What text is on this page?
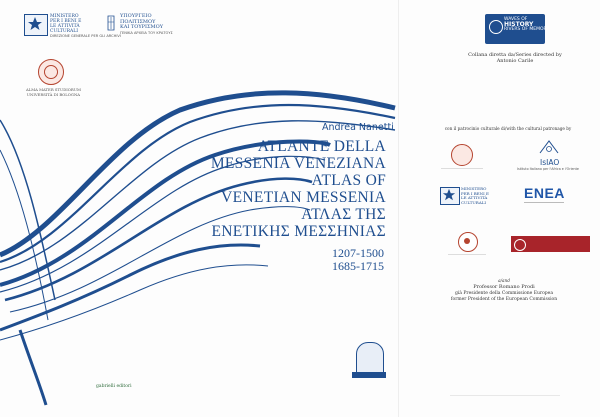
MINISTERO
PER I BENI E
LE ATTIVITÀ
CULTURALI
DIREZIONE GENERALE PER GLI ARCHIVI
ΥΠΟΥΡΓΕΙΟ
ΠΟΛΙΤΙΣΜΟΥ
ΚΑΙ ΤΟΥΡΙΣΜΟΥ
ΓΕΝΙΚΑ ΑΡΧΕΙΑ ΤΟΥ ΚΡΑΤΟΥΣ
ALMA MATER STUDIORUM
UNIVERSITÀ DI BOLOGNA
Andrea Nanetti
ATLANTE DELLA
MESSENIA VENEZIANA
ATLAS OF
VENETIAN MESSENIA
ΑΤΛΑΣ ΤΗΣ
ΕΝΕΤΙΚΗΣ ΜΕΣΣΗΝΙΑΣ
1207-1500
1685-1715
gabrielli editori
WAVES OF
HISTORY
RIVERS OF MEMORY
Collana diretta da/Series directed by
Antonio Carile
con il patrocinio culturale di/with the cultural patronage by
IsIAO
Istituto Italiano per l'Africa e l'Oriente
MINISTERO
PER I BENI E
LE ATTIVITÀ
CULTURALI
ENEA
a/and
Professor Romano Prodi
già Presidente della Commissione Europea
former President of the European Commission
